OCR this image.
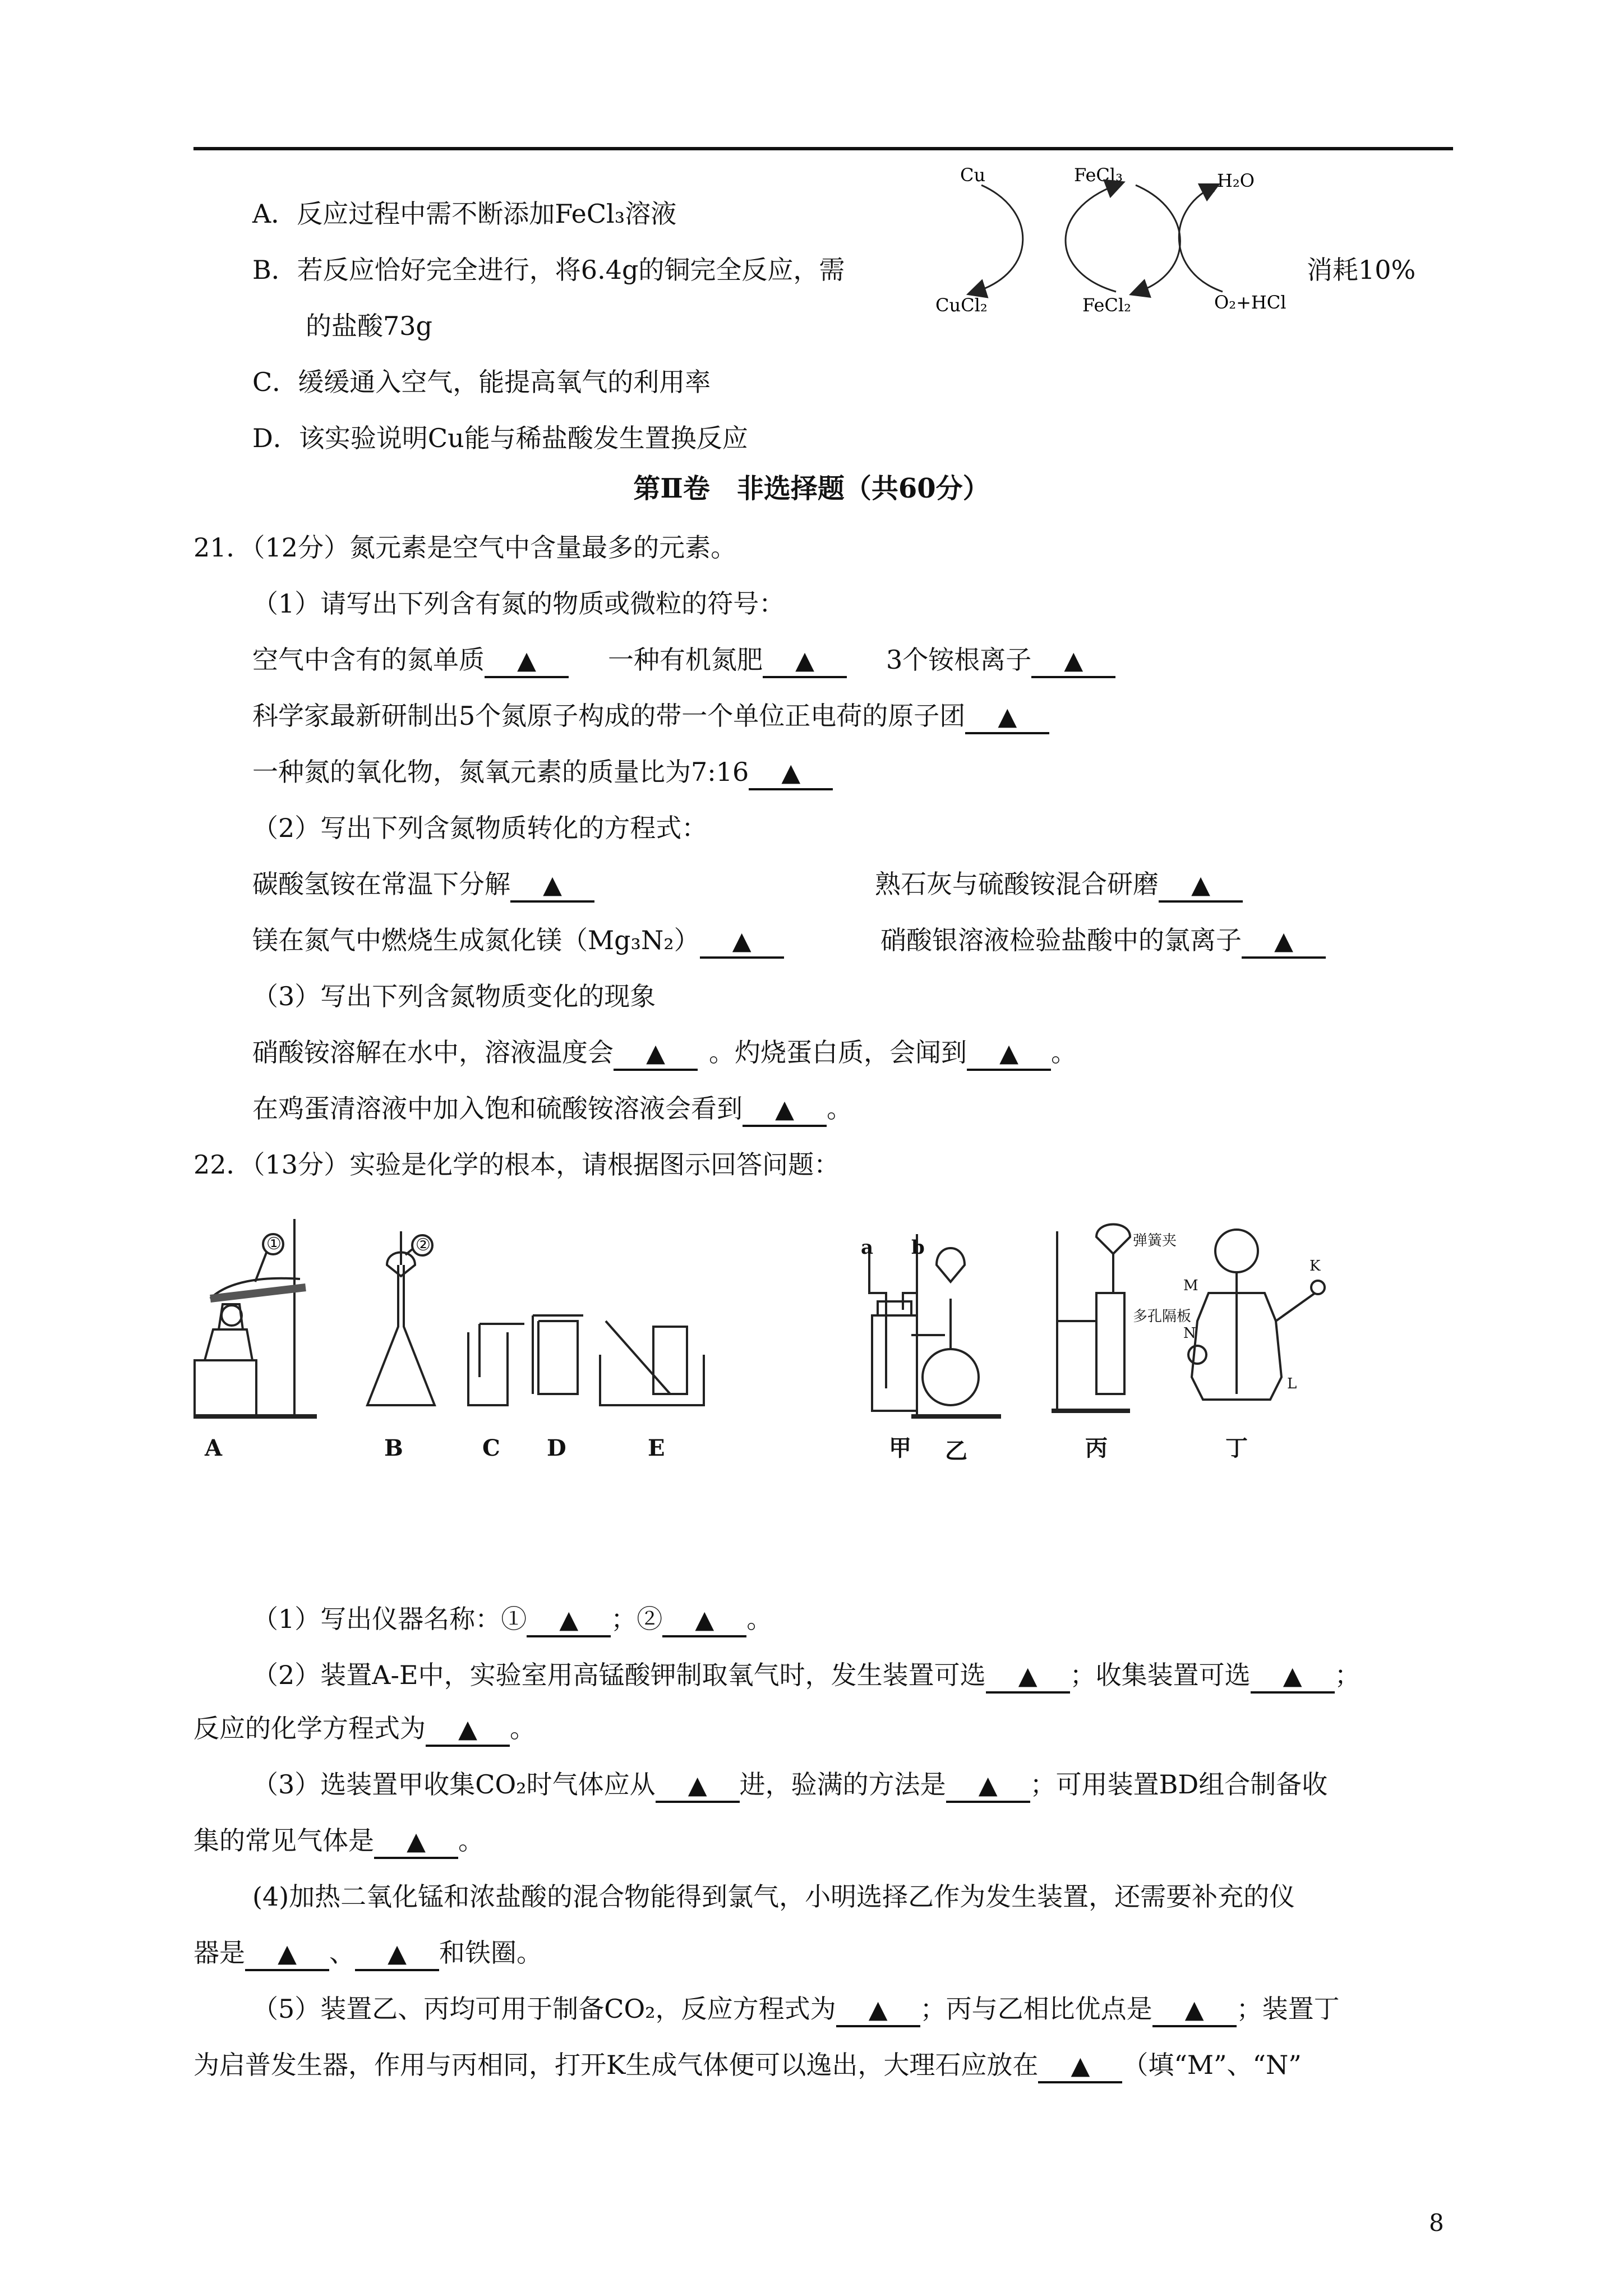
A．反应过程中需不断添加FeCl₃溶液
B．若反应恰好完全进行，将6.4g的铜完全反应，需	消耗10%
的盐酸73g
C．缓缓通入空气，能提高氧气的利用率
D．该实验说明Cu能与稀盐酸发生置换反应
Cu	FeCl₃	H₂O
CuCl₂	FeCl₂	O₂+HCl
第Ⅱ卷　非选择题（共60分）
21．（12分）氮元素是空气中含量最多的元素。
（1）请写出下列含有氮的物质或微粒的符号：
空气中含有的氮单质 ▲	一种有机氮肥 ▲	3个铵根离子 ▲
科学家最新研制出5个氮原子构成的带一个单位正电荷的原子团 ▲
一种氮的氧化物，氮氧元素的质量比为7:16 ▲
（2）写出下列含氮物质转化的方程式：
碳酸氢铵在常温下分解 ▲	熟石灰与硫酸铵混合研磨 ▲
镁在氮气中燃烧生成氮化镁（Mg₃N₂） ▲	硝酸银溶液检验盐酸中的氯离子 ▲
（3）写出下列含氮物质变化的现象
硝酸铵溶解在水中，溶液温度会 ▲ 。灼烧蛋白质，会闻到 ▲ 。
在鸡蛋清溶液中加入饱和硫酸铵溶液会看到 ▲ 。
22．（13分）实验是化学的根本，请根据图示回答问题：
A	B	C D	E	甲 乙	丙	丁
a b
①	②	弹簧夹
多孔隔板
M
N
K
L
（1）写出仪器名称：① ▲ ；② ▲ 。
（2）装置A-E中，实验室用高锰酸钾制取氧气时，发生装置可选 ▲ ；收集装置可选 ▲ ；
反应的化学方程式为 ▲ 。
（3）选装置甲收集CO₂时气体应从 ▲ 进，验满的方法是 ▲ ；可用装置BD组合制备收
集的常见气体是 ▲ 。
(4)加热二氧化锰和浓盐酸的混合物能得到氯气，小明选择乙作为发生装置，还需要补充的仪
器是 ▲ 、 ▲ 和铁圈。
（5）装置乙、丙均可用于制备CO₂，反应方程式为 ▲ ；丙与乙相比优点是 ▲ ；装置丁
为启普发生器，作用与丙相同，打开K生成气体便可以逸出，大理石应放在 ▲ （填“M”、“N”
8
